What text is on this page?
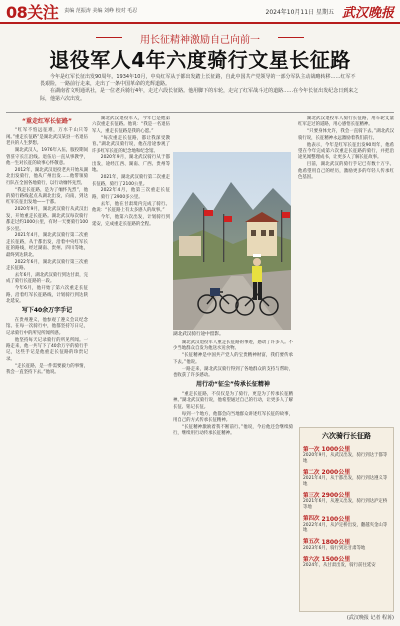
08关注 责编 范振涛 美编 刘峥 校对 毛忍	2024年10月11日 星期五 武汉晚报
用长征精神激励自己向前一
退役军人4年六度骑行文星长征路

今年是红军长征出发90周年。1934年10月，中央红军从于都出发踏上长征路，自此中国共产党领导的一部分军队主动战略转移……红军不畏艰险，一路前行走来，走出了一条中国革命的光辉道路。

在湖南省文明通讯社，是一位老兵骑行4年，走过六段长征路。他用脚下的车轮，走完了红军战斗过的道路……在今年长征出发纪念日到来之际，他第六次出发。

“重走红军长征路”

“红军不怕远征难，万水千山只等闲。”重走长征路”是湖北武汉某县一名退伍老兵的人生梦想。

湖北武汉人，1976年入伍，服役期间曾驻守长江沿线。退伍后一直从事教学，他一生对长征的故事心怀敬意。

2012年，湖北武汉退役老兵开始从湖北出发骑行，他从广州出发……他带领骑行队在全国各地骑行，以行动缅怀先烈。

“我走长征路，是为了缅怀先烈”，他的骑行路线起点从湖北出发，向南，到达红军长征出发地——于都。

2020年9月，湖北武汉骑行从武汉出发，开始重走长征路。湖北武汉每次骑行都走过约1000公里，有时一天要骑行100多公里。

2021年4月，湖北武汉骑行第二次重走长征路，从于都出发，沿着中央红军长征的路线，经过湖南、贵州、四川等地，最终到达陕北。

2022年6月，湖北武汉骑行第三次重走长征路。

去年6月，湖北武汉骑行到达甘肃，完成了骑行长征路的一段。

今年6月，他开始了第六次重走长征路，沿着红军长征路线，计划骑行到达陕北延安。

写下40余万字手记

在贵州遵义，他参观了遵义会议纪念馆。在每一次骑行中，他都坚持写日记，记录骑行中的所见所闻所感。

他坚持每天记录骑行的所见所闻。一路走来，他一共写下了40余万字的骑行手记，这些手记是他重走长征路的珍贵记录。

“走长征路，是一件需要毅力的事情，我会一直坚持下去。”他说。

湖北武汉退役军人，今年已是他第六次重走长征路。他说：“我是一名退伍军人，重走长征路是我的心愿。”

“每次重走长征路，都让我深受教育。”湖北武汉骑行说，他在沿途参观了许多红军长征的纪念地和纪念馆。

2020年9月，湖北武汉骑行从于都出发，途经江西、湖南、广西、贵州等地。

2021年，湖北武汉骑行第二次重走长征路，骑行了2100公里。

2022年4月，他第三次重走长征路，骑行了2900多公里。

去年，他在甘肃境内完成了骑行。他说：“长征路上有太多感人的故事。”

今年，他第六次出发，计划骑行到延安，完成重走长征路的全程。

湖北武汉骑行途中留影。

湖北武汉退役军人重走长征路的事迹，感动了许多人。不少当地群众自发为他送水送食物。

“长征精神是中国共产党人的宝贵精神财富，我们要传承下去。”他说。

一路走来，湖北武汉骑行得到了各地群众的支持与帮助，也收获了许多感动。

用行动“征尘”传承长征精神

“重走长征路，不仅仅是为了骑行，更是为了传承长征精神。”湖北武汉骑行说，他希望通过自己的行动，让更多人了解长征、铭记长征。

每到一个地方，他都会向当地群众讲述红军长征的故事，用自己的方式传承长征精神。

“长征精神激励着我不断前行。”他说，今后他还会继续骑行，继续用行动传承长征精神。

湖北武汉退役军人骑行长征路，用车轮丈量红军走过的道路，用心感悟长征精神。

“只要身体允许，我会一直骑下去。”湖北武汉骑行说，长征精神永远激励着我们前行。

他表示，今年是红军长征出发90周年，他希望在今年完成第六次重走长征路的骑行，并把沿途见闻整理成书，让更多人了解长征故事。

目前，湖北武汉的骑行手记已有数十万字。他希望用自己的经历，激励更多的年轻人传承红色基因。

六次骑行长征路
第一次 1000公里
2020年9月，从武汉出发，骑行到达于都等地
第二次 2000公里
2021年4月，从于都出发，骑行到达遵义等地
第三次 2900公里
2021年6月，从遵义出发，骑行到达泸定桥等地
第四次 2100公里
2022年4月，从泸定桥出发，翻越夹金山等地
第五次 1800公里
2023年6月，骑行到达甘肃等地
第六次 1500公里
2024年，从甘肃出发，骑行前往延安
(武汉晚报 记者 程苒)
